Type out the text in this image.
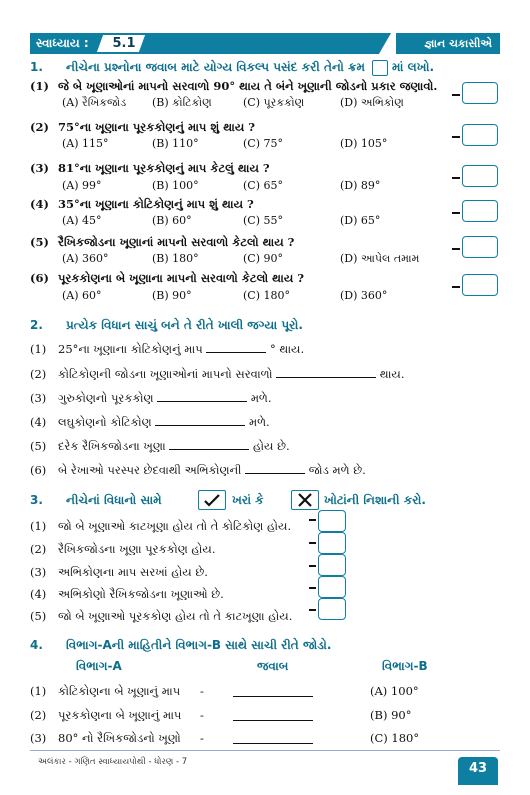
સ્વાધ્યાય :	5.1	જ્ઞાન ચકાસીએ
1. નીચેના પ્રશ્નોના જવાબ માટે યોગ્ય વિકલ્પ પસંદ કરી તેનો ક્રમ માં લખો.
(1) જે બે ખૂણાઓનાં માપનો સરવાળો 90° થાય તે બંને ખૂણાની જોડનો પ્રકાર જણાવો.
(A) રૈખિકજોડ (B) કોટિકોણ	(C) પૂરકકોણ	(D) અભિકોણ
(2) 75°ના ખૂણાના પૂરકકોણનું માપ શું થાય ?
(A) 115°	(B) 110°	(C) 75°	(D) 105°
(3) 81°ના ખૂણાના પૂરકકોણનું માપ કેટલું થાય ?
(A) 99°	(B) 100°	(C) 65°	(D) 89°
(4) 35°ના ખૂણાના કોટિકોણનું માપ શું થાય ?
(A) 45°	(B) 60°	(C) 55°	(D) 65°
(5) રૈખિકજોડના ખૂણાનાં માપનો સરવાળો કેટલો થાય ?
(A) 360°	(B) 180°	(C) 90°	(D) આપેલ તમામ
(6) પૂરકકોણના બે ખૂણાના માપનો સરવાળો કેટલો થાય ?
(A) 60°	(B) 90°	(C) 180°	(D) 360°
2. પ્રત્યેક વિધાન સાચું બને તે રીતે ખાલી જગ્યા પૂરો.
(1) 25°ના ખૂણાના કોટિકોણનું માપ	° થાય.
(2) કોટિકોણની જોડના ખૂણાઓનાં માપનો સરવાળો	થાય.
(3) ગુરુકોણનો પૂરકકોણ	મળે.
(4) લઘુકોણનો કોટિકોણ	મળે.
(5) દરેક રૈખિકજોડના ખૂણા	હોય છે.
(6) બે રેખાઓ પરસ્પર છેદવાથી અભિકોણની	જોડ મળે છે.
3. નીચેનાં વિધાનો સામે	ખરાં કે	ખોટાંની નિશાની કરો.
(1) જો બે ખૂણાઓ કાટખૂણા હોય તો તે કોટિકોણ હોય.
(2) રૈખિકજોડના ખૂણા પૂરકકોણ હોય.
(3) અભિકોણના માપ સરખાં હોય છે.
(4) અભિકોણો રૈખિકજોડના ખૂણાઓ છે.
(5) જો બે ખૂણાઓ પૂરકકોણ હોય તો તે કાટખૂણા હોય.
4. વિભાગ-Aની માહિતીને વિભાગ-B સાથે સાચી રીતે જોડો.
વિભાગ-A	જવાબ	વિભાગ-B
(1) કોટિકોણના બે ખૂણાનું માપ -	(A) 100°
(2) પૂરકકોણના બે ખૂણાનું માપ -	(B) 90°
(3) 80° નો રૈખિકજોડનો ખૂણો -	(C) 180°
અલંકાર - ગણિત સ્વાધ્યાયપોથી - ધોરણ - 7	43
